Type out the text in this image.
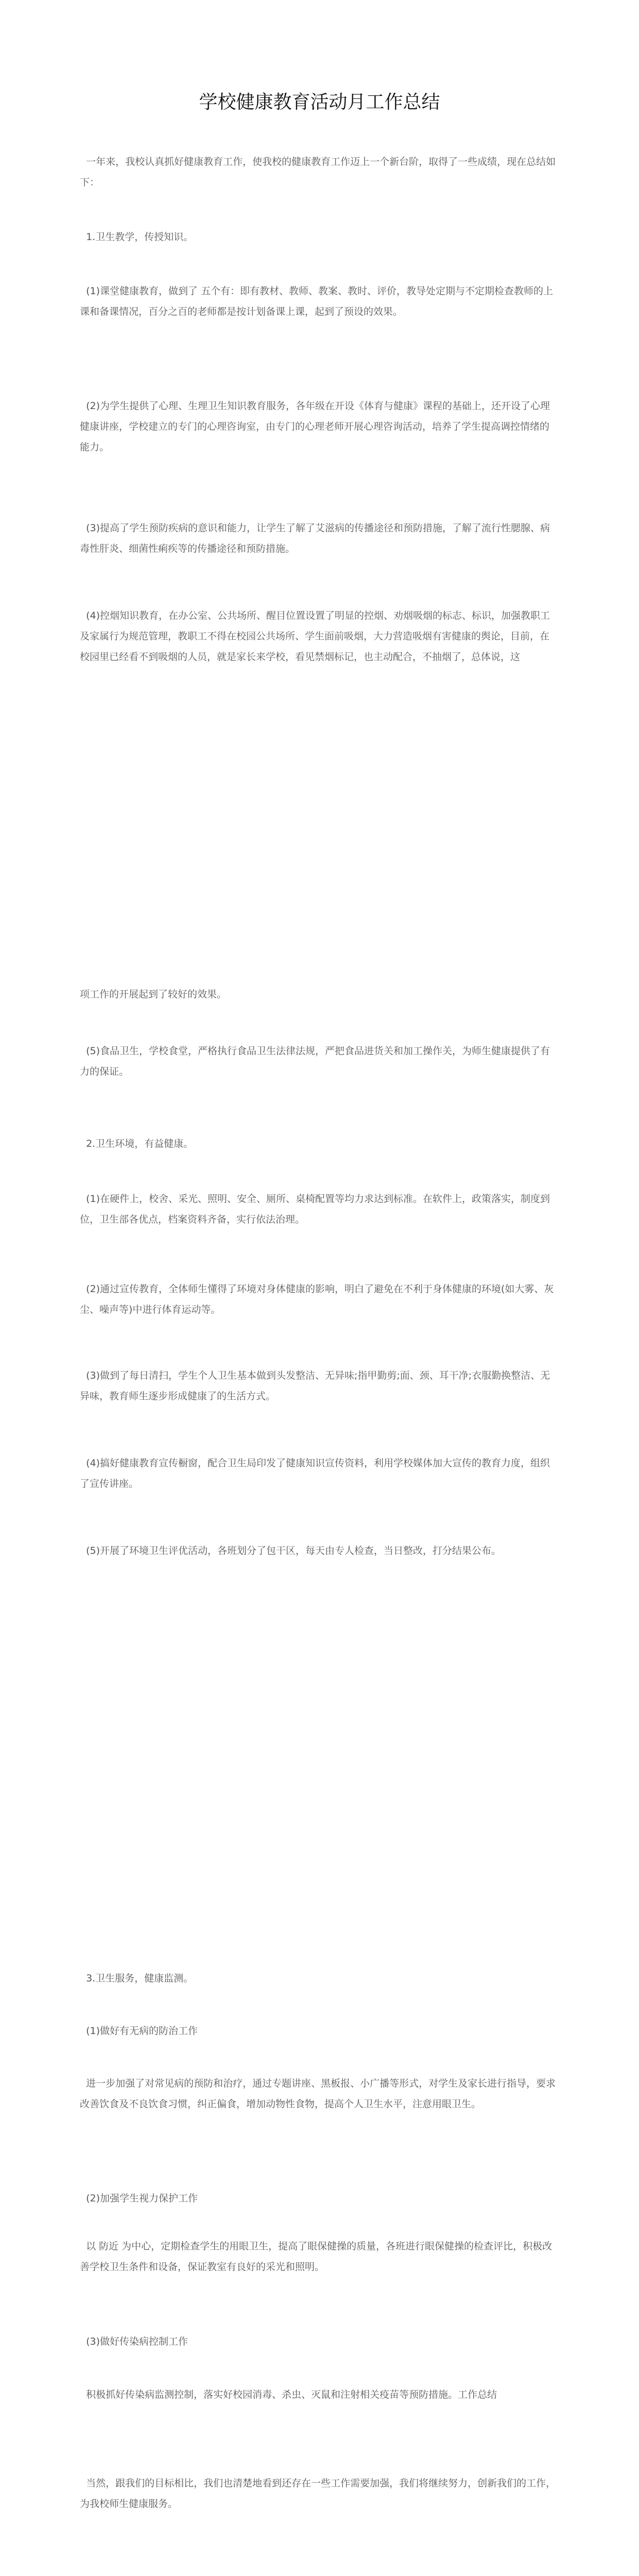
学校健康教育活动月工作总结

一年来，我校认真抓好健康教育工作，使我校的健康教育工作迈上一个新台阶，取得了一些成绩，现在总结如下：

1.卫生教学，传授知识。

(1)课堂健康教育，做到了 五个有：即有教材、教师、教案、教时、评价，教导处定期与不定期检查教师的上课和备课情况，百分之百的老师都是按计划备课上课，起到了预设的效果。

(2)为学生提供了心理、生理卫生知识教育服务，各年级在开设《体育与健康》课程的基础上，还开设了心理健康讲座，学校建立的专门的心理咨询室，由专门的心理老师开展心理咨询活动，培养了学生提高调控情绪的能力。

(3)提高了学生预防疾病的意识和能力，让学生了解了艾滋病的传播途径和预防措施，了解了流行性腮腺、病毒性肝炎、细菌性痢疾等的传播途径和预防措施。

(4)控烟知识教育，在办公室、公共场所、醒目位置设置了明显的控烟、劝烟吸烟的标志、标识，加强教职工及家属行为规范管理，教职工不得在校园公共场所、学生面前吸烟，大力营造吸烟有害健康的舆论，目前，在校园里已经看不到吸烟的人员，就是家长来学校，看见禁烟标记，也主动配合，不抽烟了，总体说，这

项工作的开展起到了较好的效果。

(5)食品卫生，学校食堂，严格执行食品卫生法律法规，严把食品进货关和加工操作关，为师生健康提供了有力的保证。

2.卫生环境，有益健康。

(1)在硬件上，校舍、采光、照明、安全、厕所、桌椅配置等均力求达到标准。在软件上，政策落实，制度到位，卫生部各优点，档案资料齐备，实行依法治理。

(2)通过宣传教育，全体师生懂得了环境对身体健康的影响，明白了避免在不利于身体健康的环境(如大雾、灰尘、噪声等)中进行体育运动等。

(3)做到了每日清扫，学生个人卫生基本做到头发整洁、无异味;指甲勤剪;面、颈、耳干净;衣服勤换整洁、无异味，教育师生逐步形成健康了的生活方式。

(4)搞好健康教育宣传橱窗，配合卫生局印发了健康知识宣传资料，利用学校媒体加大宣传的教育力度，组织了宣传讲座。

(5)开展了环境卫生评优活动，各班划分了包干区，每天由专人检查，当日整改，打分结果公布。

3.卫生服务，健康监测。

(1)做好有无病的防治工作

进一步加强了对常见病的预防和治疗，通过专题讲座、黑板报、小广播等形式，对学生及家长进行指导，要求改善饮食及不良饮食习惯，纠正偏食，增加动物性食物，提高个人卫生水平，注意用眼卫生。

(2)加强学生视力保护工作

以 防近 为中心，定期检查学生的用眼卫生，提高了眼保健操的质量，各班进行眼保健操的检查评比，积极改善学校卫生条件和设备，保证教室有良好的采光和照明。

(3)做好传染病控制工作

积极抓好传染病监测控制，落实好校园消毒、杀虫、灭鼠和注射相关疫苗等预防措施。工作总结

当然，跟我们的目标相比，我们也清楚地看到还存在一些工作需要加强，我们将继续努力，创新我们的工作，为我校师生健康服务。
